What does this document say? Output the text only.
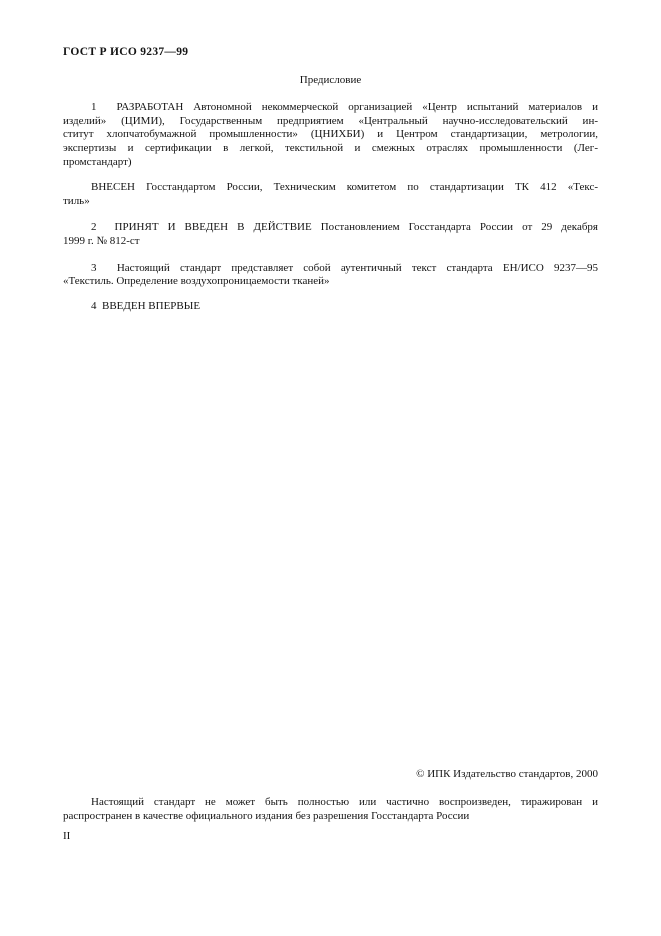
ГОСТ Р ИСО 9237—99
Предисловие
1  РАЗРАБОТАН Автономной некоммерческой организацией «Центр испытаний материалов и
изделий» (ЦИМИ), Государственным предприятием «Центральный научно-исследовательский ин-
ститут хлопчатобумажной промышленности» (ЦНИХБИ) и Центром стандартизации, метрологии,
экспертизы и сертификации в легкой, текстильной и смежных отраслях промышленности (Лег-
промстандарт)
ВНЕСЕН Госстандартом России, Техническим комитетом по стандартизации ТК 412 «Текс-
тиль»
2  ПРИНЯТ И ВВЕДЕН В ДЕЙСТВИЕ Постановлением Госстандарта России от 29 декабря
1999 г. № 812-ст
3  Настоящий стандарт представляет собой аутентичный текст стандарта ЕН/ИСО 9237—95
«Текстиль. Определение воздухопроницаемости тканей»
4  ВВЕДЕН ВПЕРВЫЕ
© ИПК Издательство стандартов, 2000
Настоящий стандарт не может быть полностью или частично воспроизведен, тиражирован и
распространен в качестве официального издания без разрешения Госстандарта России
II
